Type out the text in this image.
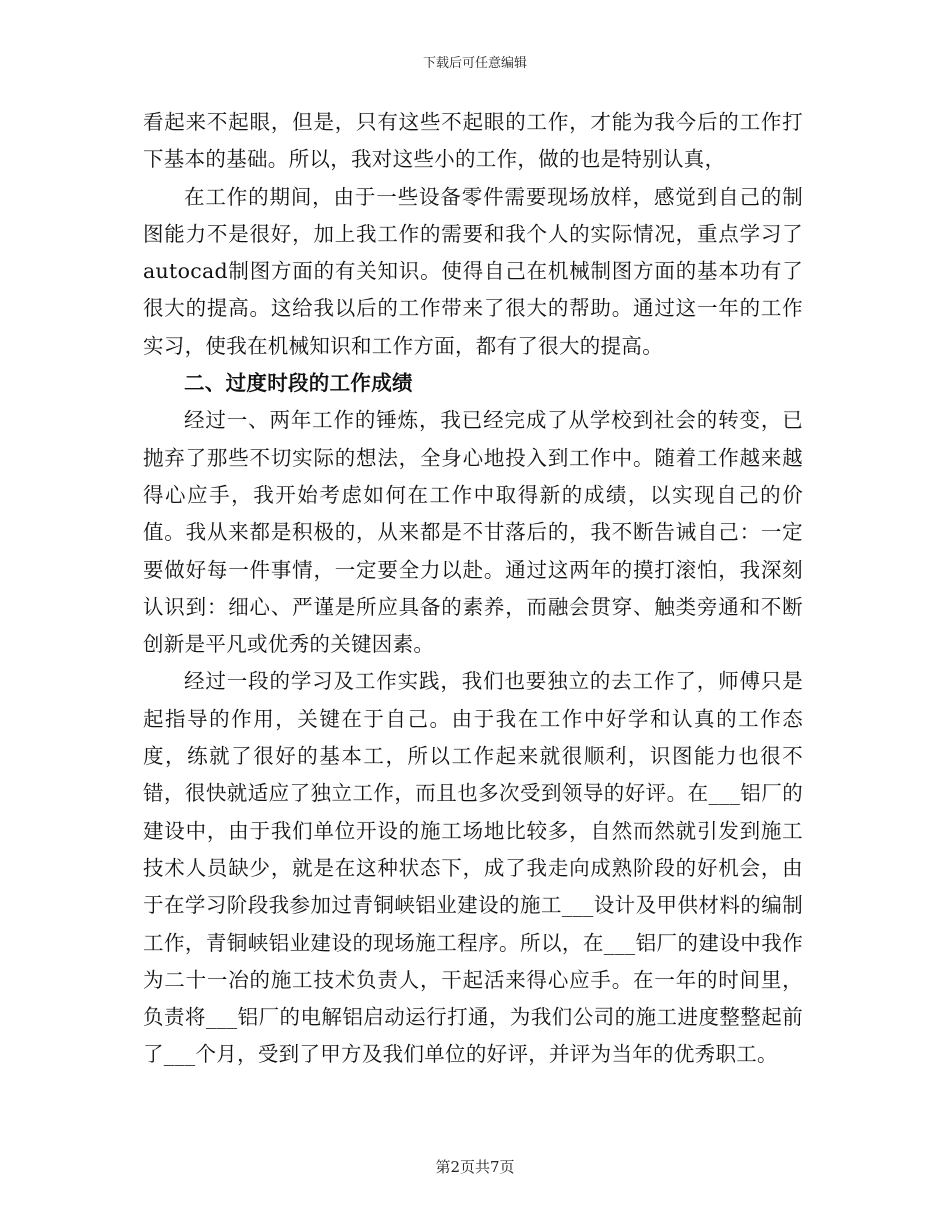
下载后可任意编辑

看起来不起眼，但是，只有这些不起眼的工作，才能为我今后的工作打下基本的基础。所以，我对这些小的工作，做的也是特别认真，

在工作的期间，由于一些设备零件需要现场放样，感觉到自己的制图能力不是很好，加上我工作的需要和我个人的实际情况，重点学习了autocad制图方面的有关知识。使得自己在机械制图方面的基本功有了很大的提高。这给我以后的工作带来了很大的帮助。通过这一年的工作实习，使我在机械知识和工作方面，都有了很大的提高。

二、过度时段的工作成绩

经过一、两年工作的锤炼，我已经完成了从学校到社会的转变，已抛弃了那些不切实际的想法，全身心地投入到工作中。随着工作越来越得心应手，我开始考虑如何在工作中取得新的成绩，以实现自己的价值。我从来都是积极的，从来都是不甘落后的，我不断告诫自己：一定要做好每一件事情，一定要全力以赴。通过这两年的摸打滚怕，我深刻认识到：细心、严谨是所应具备的素养，而融会贯穿、触类旁通和不断创新是平凡或优秀的关键因素。

经过一段的学习及工作实践，我们也要独立的去工作了，师傅只是起指导的作用，关键在于自己。由于我在工作中好学和认真的工作态度，练就了很好的基本工，所以工作起来就很顺利，识图能力也很不错，很快就适应了独立工作，而且也多次受到领导的好评。在___铝厂的建设中，由于我们单位开设的施工场地比较多，自然而然就引发到施工技术人员缺少，就是在这种状态下，成了我走向成熟阶段的好机会，由于在学习阶段我参加过青铜峡铝业建设的施工___设计及甲供材料的编制工作，青铜峡铝业建设的现场施工程序。所以，在___铝厂的建设中我作为二十一冶的施工技术负责人，干起活来得心应手。在一年的时间里，负责将___铝厂的电解铝启动运行打通，为我们公司的施工进度整整起前了___个月，受到了甲方及我们单位的好评，并评为当年的优秀职工。

第2页共7页
